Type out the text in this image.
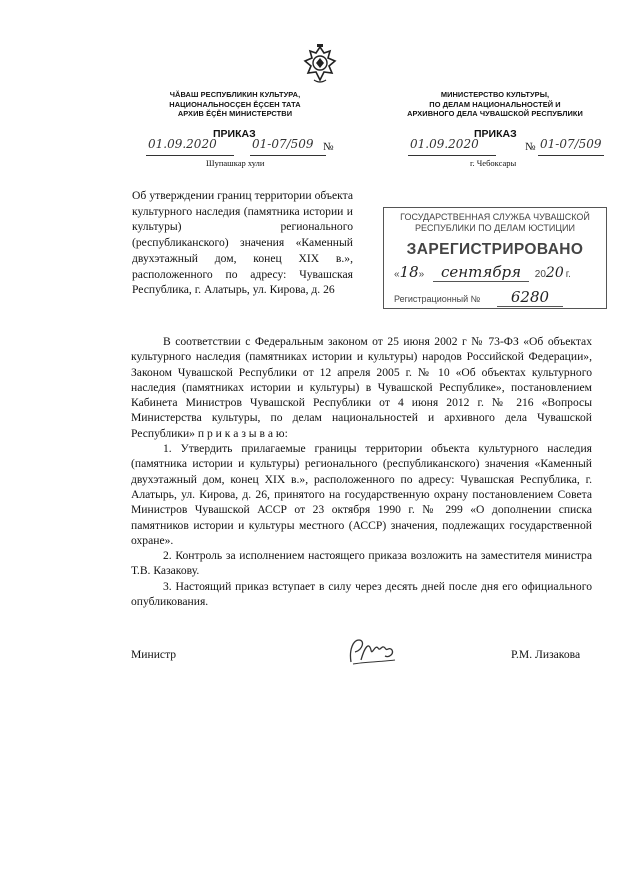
ЧĂВАШ РЕСПУБЛИКИН КУЛЬТУРА,
НАЦИОНАЛЬНОСÇЕН ĔÇСЕН ТАТА
АРХИВ ĔÇĔН МИНИСТЕРСТВИ
МИНИСТЕРСТВО КУЛЬТУРЫ,
ПО ДЕЛАМ НАЦИОНАЛЬНОСТЕЙ И
АРХИВНОГО ДЕЛА ЧУВАШСКОЙ РЕСПУБЛИКИ
ПРИКАЗ
01.09.2020	01-07/509 №
Шупашкар хули
ПРИКАЗ
01.09.2020	№ 01-07/509
г. Чебоксары
Об утверждении границ территории объекта культурного наследия (памятника истории и культуры) регионального (республиканского) значения «Каменный двухэтажный дом, конец XIX в.», расположенного по адресу: Чувашская Республика, г. Алатырь, ул. Кирова, д. 26
ГОСУДАРСТВЕННАЯ СЛУЖБА ЧУВАШСКОЙ
РЕСПУБЛИКИ ПО ДЕЛАМ ЮСТИЦИИ
ЗАРЕГИСТРИРОВАНО
«18» сентября 2020 г.
Регистрационный № 6280

В соответствии с Федеральным законом от 25 июня 2002 г № 73-ФЗ «Об объектах культурного наследия (памятниках истории и культуры) народов Российской Федерации», Законом Чувашской Республики от 12 апреля 2005 г. № 10 «Об объектах культурного наследия (памятниках истории и культуры) в Чувашской Республике», постановлением Кабинета Министров Чувашской Республики от 4 июня 2012 г. № 216 «Вопросы Министерства культуры, по делам национальностей и архивного дела Чувашской Республики» п р и к а з ы в а ю:

1. Утвердить прилагаемые границы территории объекта культурного наследия (памятника истории и культуры) регионального (республиканского) значения «Каменный двухэтажный дом, конец XIX в.», расположенного по адресу: Чувашская Республика, г. Алатырь, ул. Кирова, д. 26, принятого на государственную охрану постановлением Совета Министров Чувашской АССР от 23 октября 1990 г. № 299 «О дополнении списка памятников истории и культуры местного (АССР) значения, подлежащих государственной охране».

2. Контроль за исполнением настоящего приказа возложить на заместителя министра Т.В. Казакову.

3. Настоящий приказ вступает в силу через десять дней после дня его официального опубликования.

Министр	Р.М. Лизакова
